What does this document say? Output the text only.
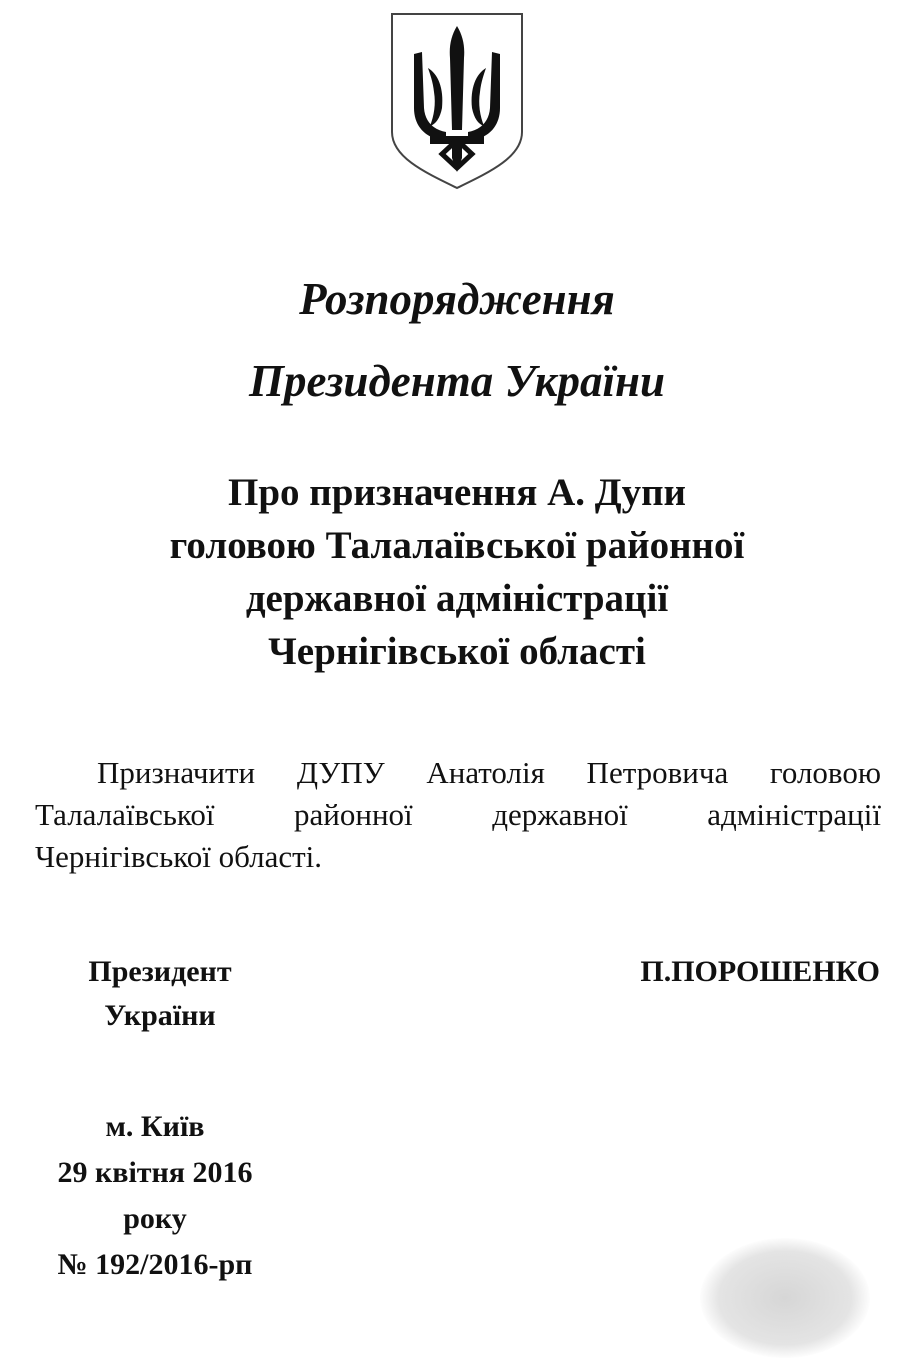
Розпорядження
Президента України
Про призначення А. Дупи
головою Талалаївської районної
державної адміністрації
Чернігівської області
Призначити ДУПУ Анатолія Петровича головою
Талалаївської районної державної адміністрації
Чернігівської області.
Президент
України
П.ПОРОШЕНКО
м. Київ
29 квітня 2016
року
№ 192/2016-рп
